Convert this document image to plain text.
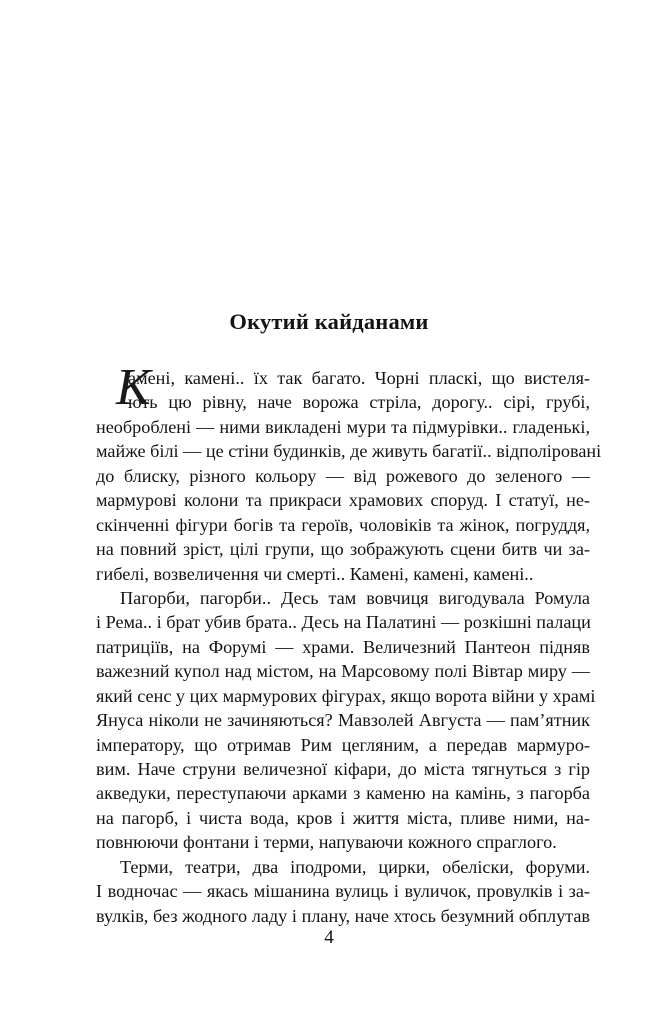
Окутий кайданами
К
амені, камені.. їх так багато. Чорні пласкі, що вистеля-
ють цю рівну, наче ворожа стріла, дорогу.. сірі, грубі,
необроблені — ними викладені мури та підмурівки.. гладенькі,
майже білі — це стіни будинків, де живуть багатії.. відполіровані
до блиску, різного кольору — від рожевого до зеленого —
мармурові колони та прикраси храмових споруд. І статуї, не-
скінченні фігури богів та героїв, чоловіків та жінок, погруддя,
на повний зріст, цілі групи, що зображують сцени битв чи за-
гибелі, возвеличення чи смерті.. Камені, камені, камені..
Пагорби, пагорби.. Десь там вовчиця вигодувала Ромула
і Рема.. і брат убив брата.. Десь на Палатині — розкішні палаци
патриціїв, на Форумі — храми. Величезний Пантеон підняв
важезний купол над містом, на Марсовому полі Вівтар миру —
який сенс у цих мармурових фігурах, якщо ворота війни у храмі
Януса ніколи не зачиняються? Мавзолей Августа — пам’ятник
імператору, що отримав Рим цегляним, а передав мармуро-
вим. Наче струни величезної кіфари, до міста тягнуться з гір
акведуки, переступаючи арками з каменю на камінь, з пагорба
на пагорб, і чиста вода, кров і життя міста, пливе ними, на-
повнюючи фонтани і терми, напуваючи кожного спраглого.
Терми, театри, два іподроми, цирки, обеліски, форуми.
І водночас — якась мішанина вулиць і вуличок, провулків і за-
вулків, без жодного ладу і плану, наче хтось безумний обплутав

4
